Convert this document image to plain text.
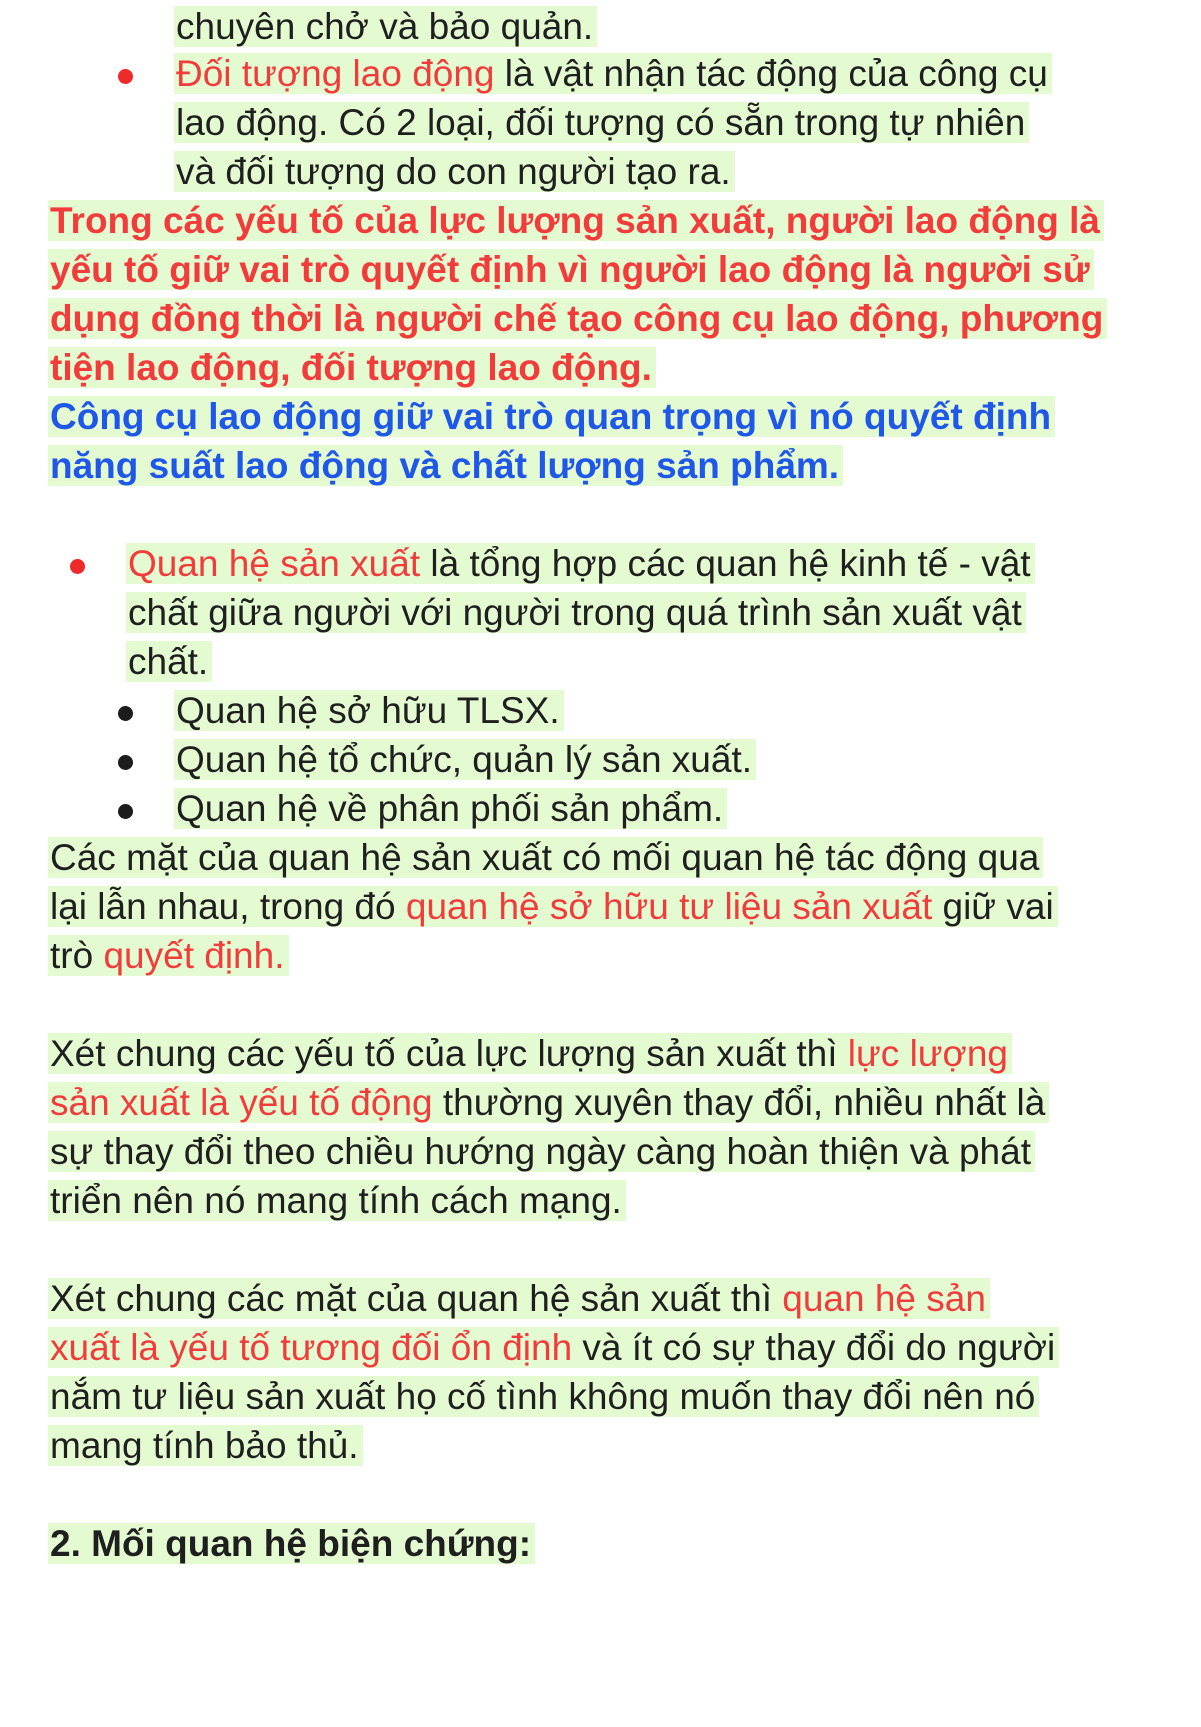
chuyên chở và bảo quản.
Đối tượng lao động là vật nhận tác động của công cụ
lao động. Có 2 loại, đối tượng có sẵn trong tự nhiên
và đối tượng do con người tạo ra.
Trong các yếu tố của lực lượng sản xuất, người lao động là
yếu tố giữ vai trò quyết định vì người lao động là người sử
dụng đồng thời là người chế tạo công cụ lao động, phương
tiện lao động, đối tượng lao động.
Công cụ lao động giữ vai trò quan trọng vì nó quyết định
năng suất lao động và chất lượng sản phẩm.
Quan hệ sản xuất là tổng hợp các quan hệ kinh tế - vật
chất giữa người với người trong quá trình sản xuất vật
chất.
Quan hệ sở hữu TLSX.
Quan hệ tổ chức, quản lý sản xuất.
Quan hệ về phân phối sản phẩm.
Các mặt của quan hệ sản xuất có mối quan hệ tác động qua
lại lẫn nhau, trong đó quan hệ sở hữu tư liệu sản xuất giữ vai
trò quyết định.
Xét chung các yếu tố của lực lượng sản xuất thì lực lượng
sản xuất là yếu tố động thường xuyên thay đổi, nhiều nhất là
sự thay đổi theo chiều hướng ngày càng hoàn thiện và phát
triển nên nó mang tính cách mạng.
Xét chung các mặt của quan hệ sản xuất thì quan hệ sản
xuất là yếu tố tương đối ổn định và ít có sự thay đổi do người
nắm tư liệu sản xuất họ cố tình không muốn thay đổi nên nó
mang tính bảo thủ.
2. Mối quan hệ biện chứng:
